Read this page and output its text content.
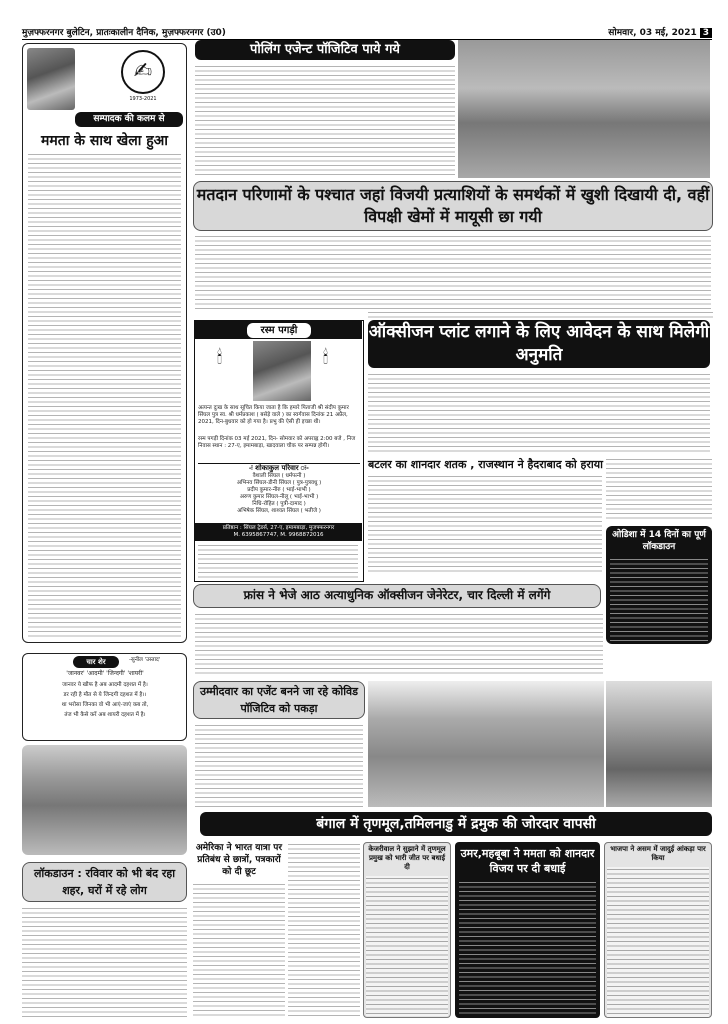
मुज़फ्फरनगर बुलेटिन, प्रातःकालीन दैनिक, मुज़फ्फरनगर (उ0)	सोमवार, 03 मई, 2021 3
✍
1973-2021
सम्पादक की कलम से
ममता के साथ खेला हुआ
पोलिंग एजेन्ट पॉजिटिव पाये गये
मतदान परिणामों के पश्चात जहां विजयी प्रत्याशियों के समर्थकों में खुशी दिखायी दी, वहीं विपक्षी खेमों में मायूसी छा गयी
रस्म पगड़ी
🕯	🕯
अत्यन्त दुःख के साथ सूचित किया जाता है कि हमारे पिताजी श्री संदीप कुमार सिंघल पुत्र स्व. श्री धर्मप्रकाश ( बसेड़े वाले ) का स्वर्गवास दिनांक 21 अप्रैल, 2021, दिन-बुधवार को हो गया है। प्रभु की ऐसी ही इच्छा थी।
रस्म पगड़ी दिनांक 03 मई 2021, दिन- सोमवार को अपराह्न 2:00 बजे , निज निवास स्थान : 27-ए, इमामबाड़ा, खादवाला चौक पर सम्पन्न होगी।
-ः शोकाकुल परिवार ः-
वैशाली सिंघल ( धर्मपत्नी )
अभिनव सिंघल-डीनी सिंघल ( पुत्र-पुत्रवधु )
प्रदीप कुमार-नीरु ( भाई-भाभी )
अरुण कुमार सिंघल-नीलू ( भाई-भाभी )
निधि-रोहित ( पुत्री-दामाद )
अभिषेक सिंघल, शाश्वत सिंघल ( भतीजे )
प्रतिष्ठान : सिंघल ट्रेडर्स, 27-ए, इमामबाड़ा, मुजफ्फरनगर
M. 6395867747, M. 9968872016
ऑक्सीजन प्लांट लगाने के लिए आवेदन के साथ मिलेगी अनुमति
बटलर का शानदार शतक , राजस्थान ने हैदराबाद को हराया
ओडिशा में 14 दिनों का पूर्ण लॉकडाउन
फ्रांस ने भेजे आठ अत्याधुनिक ऑक्सीजन जेनेरेटर, चार दिल्ली में लगेंगे
चार शेर	-सुनील 'उस्ताद'
'जानवर' 'आदमी' 'जिन्दगी' 'शायरी'
जानवर ये खौफ है अब आदमी दहशत में है।
डर रही है मौत से ये जिन्दगी दहशत में है।।
था भरोसा जिनका वो भी आएं-जाएं कब तो,
तंज भी कैसे करें अब शायरी दहशत में है।
उम्मीदवार का एजेंट बनने जा रहे कोविड पॉजिटिव को पकड़ा
बंगाल में तृणमूल,तमिलनाडु में द्रमुक की जोरदार वापसी
लॉकडाउन : रविवार को भी बंद रहा शहर, घरों में रहे लोग
अमेरिका ने भारत यात्रा पर प्रतिबंध से छात्रों, पत्रकारों को दी छूट
केजरीवाल ने सुझाने में तृणमूल प्रमुख को भारी जीत पर बधाई दी
उमर,महबूबा ने ममता को शानदार विजय पर दी बधाई
भाजपा ने असम में जादुई आंकड़ा पार किया
